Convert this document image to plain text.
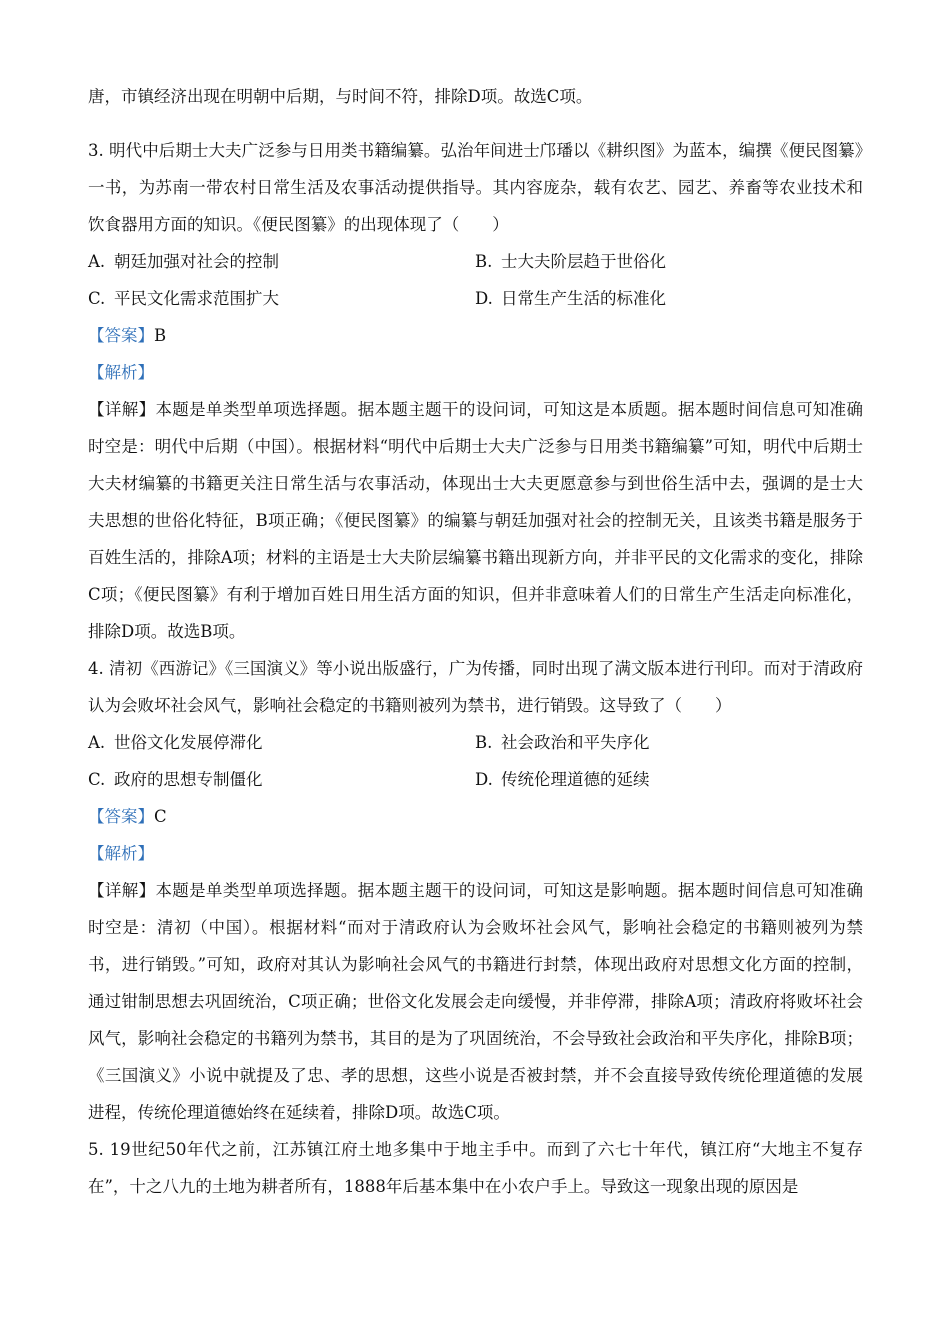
唐，市镇经济出现在明朝中后期，与时间不符，排除D项。故选C项。

3. 明代中后期士大夫广泛参与日用类书籍编纂。弘治年间进士邝璠以《耕织图》为蓝本，编撰《便民图纂》一书，为苏南一带农村日常生活及农事活动提供指导。其内容庞杂，载有农艺、园艺、养畜等农业技术和饮食器用方面的知识。《便民图纂》的出现体现了（　　）

A. 朝廷加强对社会的控制	B. 士大夫阶层趋于世俗化
C. 平民文化需求范围扩大	D. 日常生产生活的标准化

【答案】B

【解析】

【详解】本题是单类型单项选择题。据本题主题干的设问词，可知这是本质题。据本题时间信息可知准确时空是：明代中后期（中国）。根据材料“明代中后期士大夫广泛参与日用类书籍编纂”可知，明代中后期士大夫材编纂的书籍更关注日常生活与农事活动，体现出士大夫更愿意参与到世俗生活中去，强调的是士大夫思想的世俗化特征，B项正确；《便民图纂》的编纂与朝廷加强对社会的控制无关，且该类书籍是服务于百姓生活的，排除A项；材料的主语是士大夫阶层编纂书籍出现新方向，并非平民的文化需求的变化，排除C项；《便民图纂》有利于增加百姓日用生活方面的知识，但并非意味着人们的日常生产生活走向标准化，排除D项。故选B项。

4. 清初《西游记》《三国演义》等小说出版盛行，广为传播，同时出现了满文版本进行刊印。而对于清政府认为会败坏社会风气，影响社会稳定的书籍则被列为禁书，进行销毁。这导致了（　　）

A. 世俗文化发展停滞化	B. 社会政治和平失序化
C. 政府的思想专制僵化	D. 传统伦理道德的延续

【答案】C

【解析】

【详解】本题是单类型单项选择题。据本题主题干的设问词，可知这是影响题。据本题时间信息可知准确时空是：清初（中国）。根据材料“而对于清政府认为会败坏社会风气，影响社会稳定的书籍则被列为禁书，进行销毁。”可知，政府对其认为影响社会风气的书籍进行封禁，体现出政府对思想文化方面的控制，通过钳制思想去巩固统治，C项正确；世俗文化发展会走向缓慢，并非停滞，排除A项；清政府将败坏社会风气，影响社会稳定的书籍列为禁书，其目的是为了巩固统治，不会导致社会政治和平失序化，排除B项；《三国演义》小说中就提及了忠、孝的思想，这些小说是否被封禁，并不会直接导致传统伦理道德的发展进程，传统伦理道德始终在延续着，排除D项。故选C项。

5. 19世纪50年代之前，江苏镇江府土地多集中于地主手中。而到了六七十年代，镇江府“大地主不复存在”，十之八九的土地为耕者所有，1888年后基本集中在小农户手上。导致这一现象出现的原因是
